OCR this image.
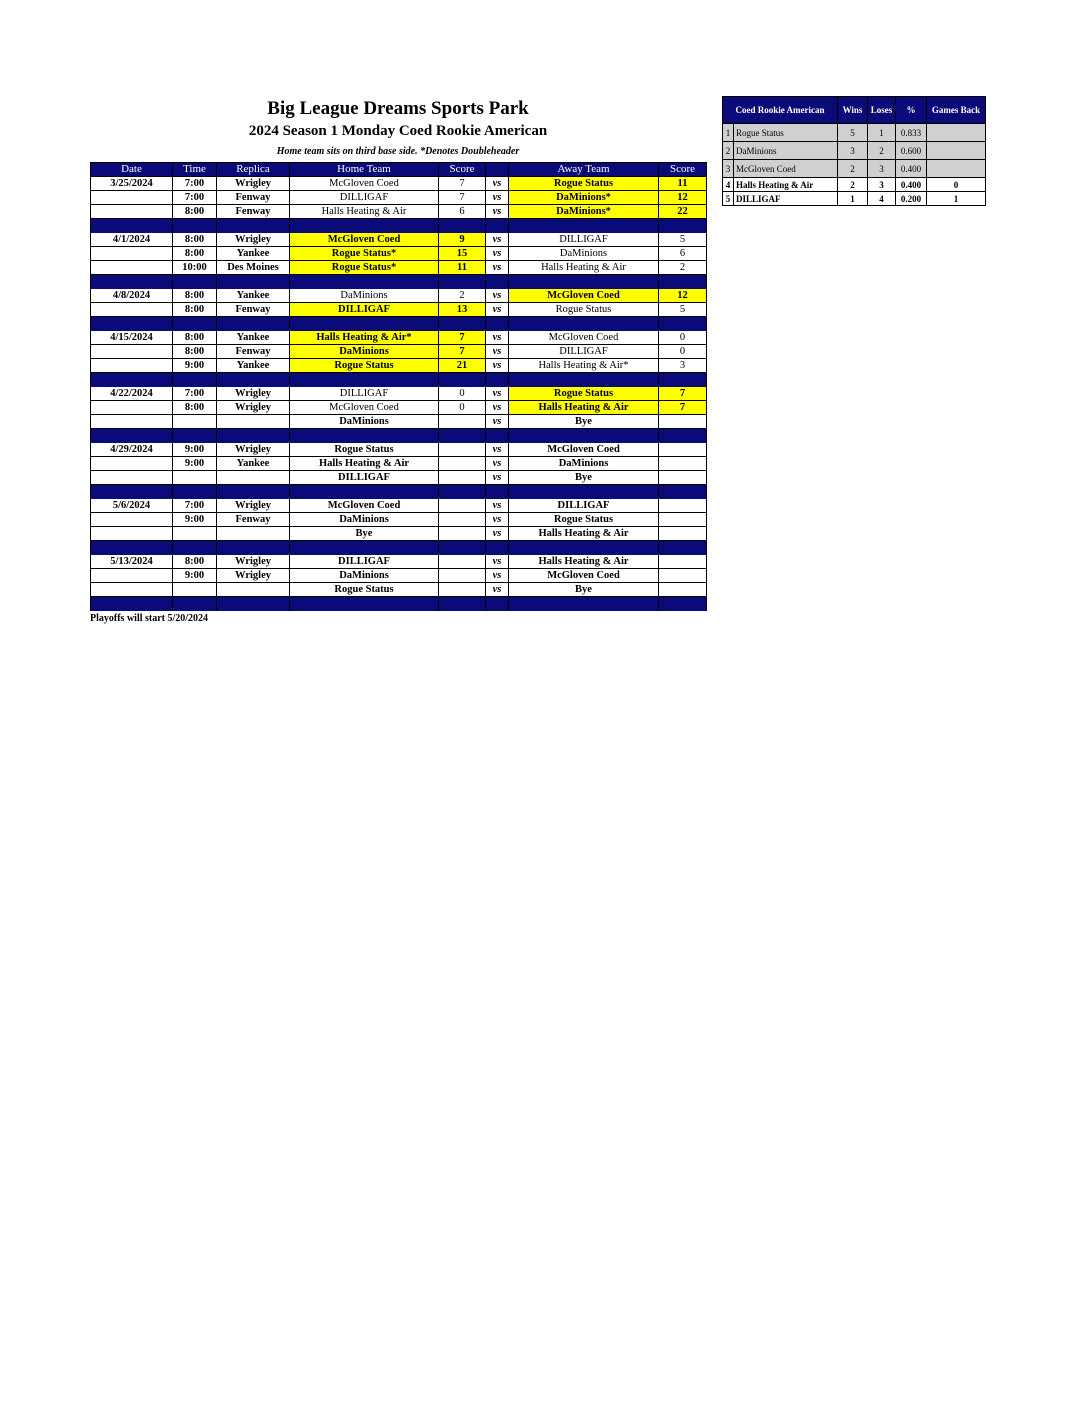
Big League Dreams Sports Park
2024 Season 1 Monday Coed Rookie American
Home team sits on third base side. *Denotes Doubleheader
Date	Time	Replica	Home Team	Score		Away Team	Score
3/25/2024	7:00	Wrigley	McGloven Coed	7	vs	Rogue Status	11
	7:00	Fenway	DILLIGAF	7	vs	DaMinions*	12
	8:00	Fenway	Halls Heating & Air	6	vs	DaMinions*	22

4/1/2024	8:00	Wrigley	McGloven Coed	9	vs	DILLIGAF	5
	8:00	Yankee	Rogue Status*	15	vs	DaMinions	6
	10:00	Des Moines	Rogue Status*	11	vs	Halls Heating & Air	2

4/8/2024	8:00	Yankee	DaMinions	2	vs	McGloven Coed	12
	8:00	Fenway	DILLIGAF	13	vs	Rogue Status	5

4/15/2024	8:00	Yankee	Halls Heating & Air*	7	vs	McGloven Coed	0
	8:00	Fenway	DaMinions	7	vs	DILLIGAF	0
	9:00	Yankee	Rogue Status	21	vs	Halls Heating & Air*	3

4/22/2024	7:00	Wrigley	DILLIGAF	0	vs	Rogue Status	7
	8:00	Wrigley	McGloven Coed	0	vs	Halls Heating & Air	7
			DaMinions		vs	Bye	

4/29/2024	9:00	Wrigley	Rogue Status		vs	McGloven Coed	
	9:00	Yankee	Halls Heating & Air		vs	DaMinions	
			DILLIGAF		vs	Bye	

5/6/2024	7:00	Wrigley	McGloven Coed		vs	DILLIGAF	
	9:00	Fenway	DaMinions		vs	Rogue Status	
			Bye		vs	Halls Heating & Air	

5/13/2024	8:00	Wrigley	DILLIGAF		vs	Halls Heating & Air	
	9:00	Wrigley	DaMinions		vs	McGloven Coed	
			Rogue Status		vs	Bye	

Playoffs will start 5/20/2024
Coed Rookie American		Wins	Loses	%	Games Back
1	Rogue Status	5	1	0.833	
2	DaMinions	3	2	0.600	
3	McGloven Coed	2	3	0.400	
4	Halls Heating & Air	2	3	0.400	0
5	DILLIGAF	1	4	0.200	1
